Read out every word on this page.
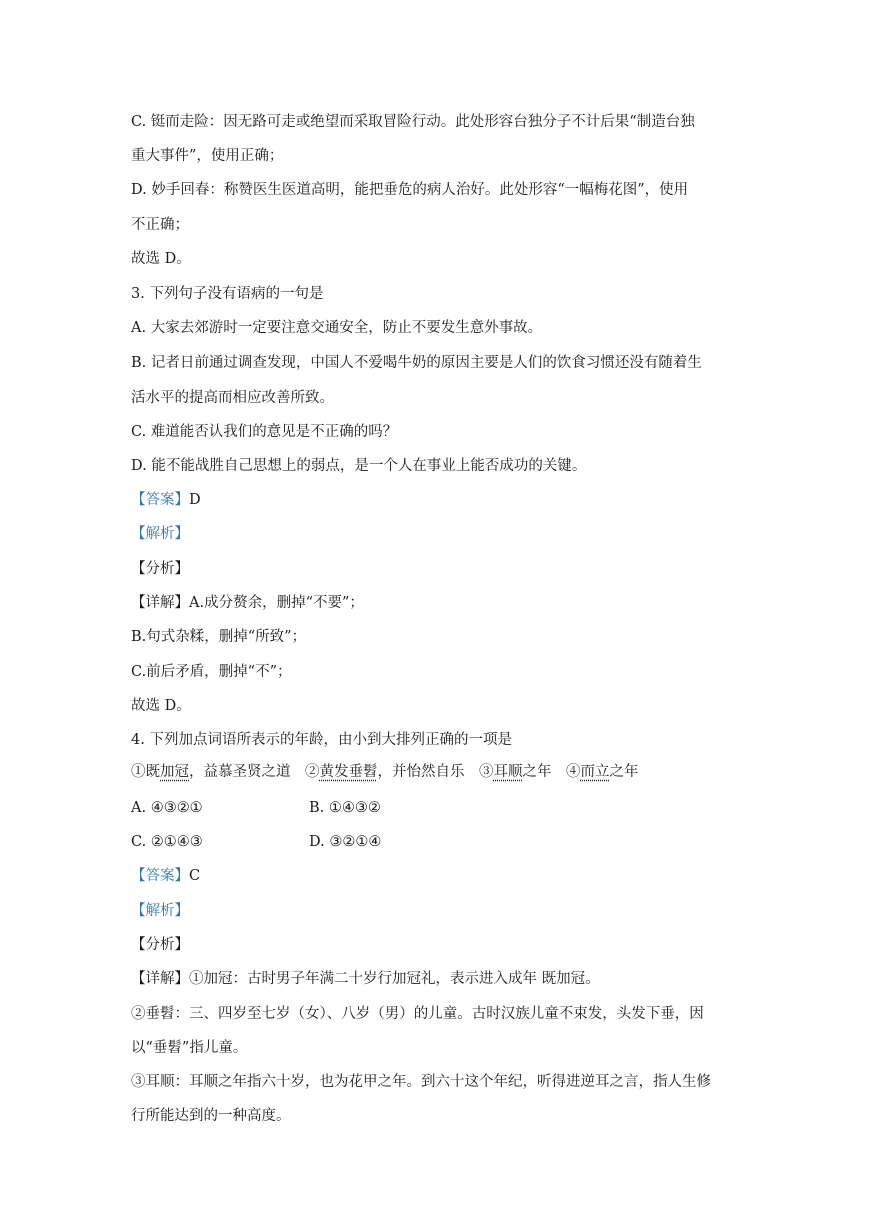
C. 铤而走险：因无路可走或绝望而采取冒险行动。此处形容台独分子不计后果“制造台独
重大事件”，使用正确；
D. 妙手回春：称赞医生医道高明，能把垂危的病人治好。此处形容“一幅梅花图”，使用
不正确；
故选 D。
3. 下列句子没有语病的一句是
A. 大家去郊游时一定要注意交通安全，防止不要发生意外事故。
B. 记者日前通过调查发现，中国人不爱喝牛奶的原因主要是人们的饮食习惯还没有随着生
活水平的提高而相应改善所致。
C. 难道能否认我们的意见是不正确的吗？
D. 能不能战胜自己思想上的弱点，是一个人在事业上能否成功的关键。
【答案】D
【解析】
【分析】
【详解】A.成分赘余，删掉“不要”；
B.句式杂糅，删掉“所致”；
C.前后矛盾，删掉“不”；
故选 D。
4. 下列加点词语所表示的年龄，由小到大排列正确的一项是
①既加冠，益慕圣贤之道　②黄发垂髫，并怡然自乐　③耳顺之年　④而立之年
A. ④③②①	B. ①④③②
C. ②①④③	D. ③②①④
【答案】C
【解析】
【分析】
【详解】①加冠：古时男子年满二十岁行加冠礼，表示进入成年 既加冠。
②垂髫：三、四岁至七岁（女）、八岁（男）的儿童。古时汉族儿童不束发，头发下垂，因
以“垂髫”指儿童。
③耳顺：耳顺之年指六十岁，也为花甲之年。到六十这个年纪，听得进逆耳之言，指人生修
行所能达到的一种高度。
